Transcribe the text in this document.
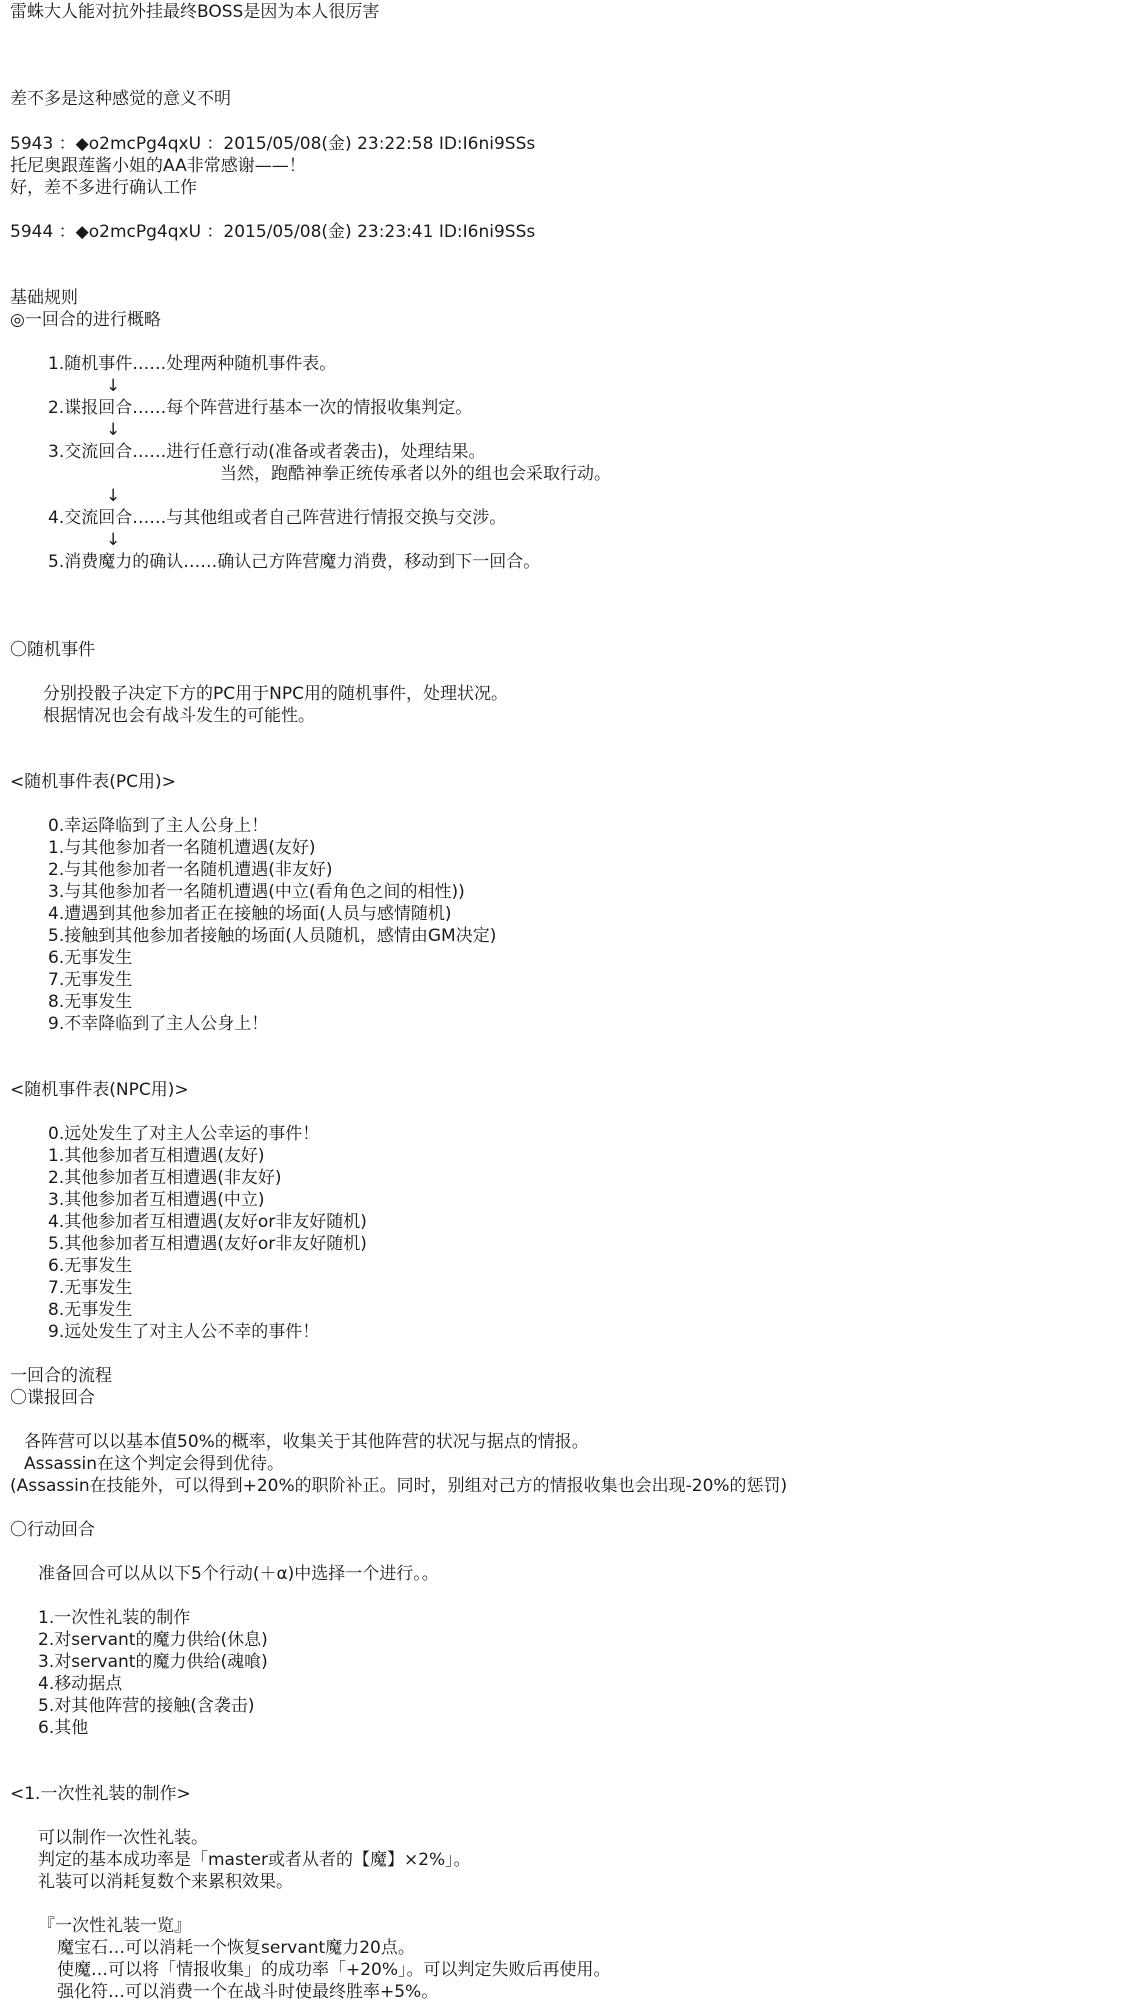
雷蛛大人能对抗外挂最终BOSS是因为本人很厉害
差不多是这种感觉的意义不明
5943 ：◆o2mcPg4qxU ：2015/05/08(金) 23:22:58 ID:I6ni9SSs
托尼奥跟莲酱小姐的AA非常感谢——！
好，差不多进行确认工作
5944 ：◆o2mcPg4qxU ：2015/05/08(金) 23:23:41 ID:I6ni9SSs
基础规则
◎一回合的进行概略
1.随机事件……处理两种随机事件表。
↓
2.谍报回合……每个阵营进行基本一次的情报收集判定。
↓
3.交流回合……进行任意行动(准备或者袭击)，处理结果。
当然，跑酷神拳正统传承者以外的组也会采取行动。
↓
4.交流回合……与其他组或者自己阵营进行情报交换与交涉。
↓
5.消费魔力的确认……确认己方阵营魔力消费，移动到下一回合。
〇随机事件
分别投骰子决定下方的PC用于NPC用的随机事件，处理状况。
根据情况也会有战斗发生的可能性。
<随机事件表(PC用)>
0.幸运降临到了主人公身上！
1.与其他参加者一名随机遭遇(友好)
2.与其他参加者一名随机遭遇(非友好)
3.与其他参加者一名随机遭遇(中立(看角色之间的相性))
4.遭遇到其他参加者正在接触的场面(人员与感情随机)
5.接触到其他参加者接触的场面(人员随机，感情由GM决定)
6.无事发生
7.无事发生
8.无事发生
9.不幸降临到了主人公身上！
<随机事件表(NPC用)>
0.远处发生了对主人公幸运的事件！
1.其他参加者互相遭遇(友好)
2.其他参加者互相遭遇(非友好)
3.其他参加者互相遭遇(中立)
4.其他参加者互相遭遇(友好or非友好随机)
5.其他参加者互相遭遇(友好or非友好随机)
6.无事发生
7.无事发生
8.无事发生
9.远处发生了对主人公不幸的事件！
一回合的流程
〇谍报回合
各阵营可以以基本值50%的概率，收集关于其他阵营的状况与据点的情报。
Assassin在这个判定会得到优待。
(Assassin在技能外，可以得到+20%的职阶补正。同时，别组对己方的情报收集也会出现-20%的惩罚)
〇行动回合
准备回合可以从以下5个行动(＋α)中选择一个进行。。
1.一次性礼装的制作
2.对servant的魔力供给(休息)
3.对servant的魔力供给(魂喰)
4.移动据点
5.对其他阵营的接触(含袭击)
6.其他
<1.一次性礼装的制作>
可以制作一次性礼装。
判定的基本成功率是「master或者从者的【魔】×2%」。
礼装可以消耗复数个来累积效果。
『一次性礼装一览』
魔宝石…可以消耗一个恢复servant魔力20点。
使魔…可以将「情报收集」的成功率「+20%」。可以判定失败后再使用。
强化符…可以消费一个在战斗时使最终胜率+5%。
